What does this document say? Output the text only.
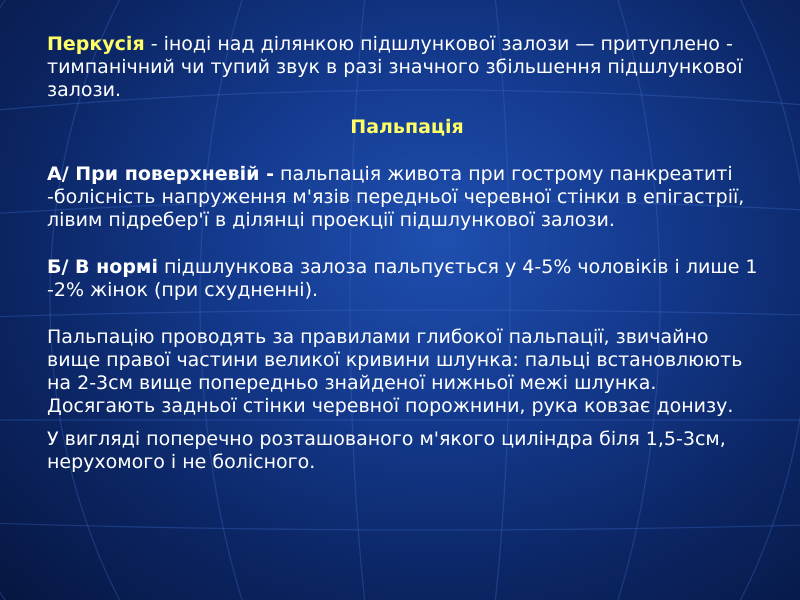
Перкусія - іноді над ділянкою підшлункової залози — притуплено - тимпанічний чи тупий звук в разі значного збільшення підшлункової залози.

Пальпація

А/ При поверхневій - пальпація живота при гострому панкреатиті -болісність напруження м'язів передньої черевної стінки в епігастрії, лівим підребер'ї в ділянці проекції підшлункової залози.

Б/ В нормі підшлункова залоза пальпується у 4-5% чоловіків і лише 1 -2% жінок (при схудненні).

Пальпацію проводять за правилами глибокої пальпації, звичайно вище правої частини великої кривини шлунка: пальці встановлюють на 2-3см вище попередньо знайденої нижньої межі шлунка. Досягають задньої стінки черевної порожнини, рука ковзає донизу.

У вигляді поперечно розташованого м'якого циліндра біля 1,5-3см, нерухомого і не болісного.
